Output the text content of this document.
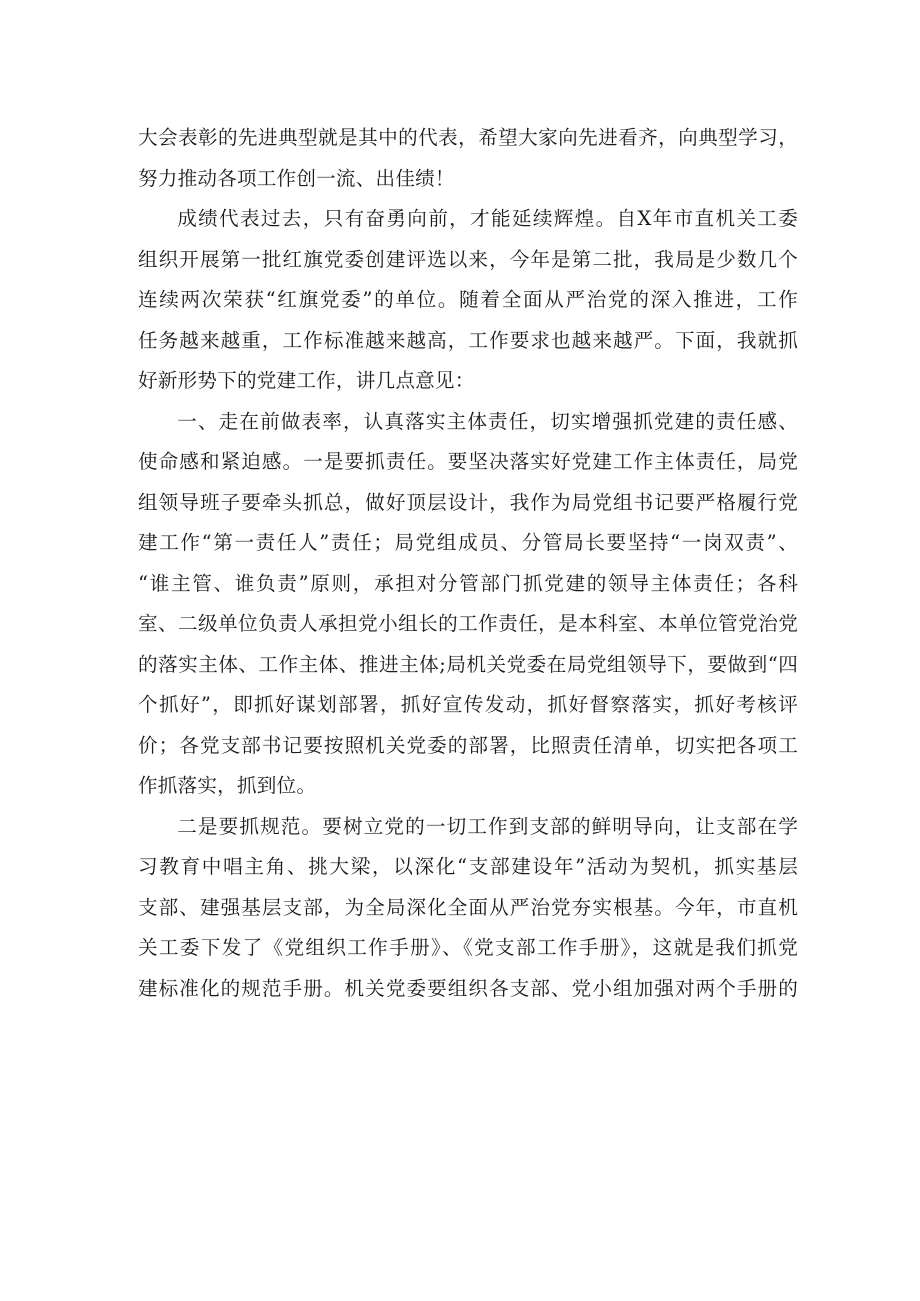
大会表彰的先进典型就是其中的代表，希望大家向先进看齐，向典型学习，
努力推动各项工作创一流、出佳绩！

成绩代表过去，只有奋勇向前，才能延续辉煌。自X年市直机关工委
组织开展第一批红旗党委创建评选以来，今年是第二批，我局是少数几个
连续两次荣获“红旗党委”的单位。随着全面从严治党的深入推进，工作
任务越来越重，工作标准越来越高，工作要求也越来越严。下面，我就抓
好新形势下的党建工作，讲几点意见：

一、走在前做表率，认真落实主体责任，切实增强抓党建的责任感、
使命感和紧迫感。一是要抓责任。要坚决落实好党建工作主体责任，局党
组领导班子要牵头抓总，做好顶层设计，我作为局党组书记要严格履行党
建工作“第一责任人”责任；局党组成员、分管局长要坚持“一岗双责”、
“谁主管、谁负责”原则，承担对分管部门抓党建的领导主体责任；各科
室、二级单位负责人承担党小组长的工作责任，是本科室、本单位管党治党
的落实主体、工作主体、推进主体;局机关党委在局党组领导下，要做到“四
个抓好”，即抓好谋划部署，抓好宣传发动，抓好督察落实，抓好考核评
价；各党支部书记要按照机关党委的部署，比照责任清单，切实把各项工
作抓落实，抓到位。

二是要抓规范。要树立党的一切工作到支部的鲜明导向，让支部在学
习教育中唱主角、挑大梁，以深化“支部建设年”活动为契机，抓实基层
支部、建强基层支部，为全局深化全面从严治党夯实根基。今年，市直机
关工委下发了《党组织工作手册》、《党支部工作手册》，这就是我们抓党
建标准化的规范手册。机关党委要组织各支部、党小组加强对两个手册的
